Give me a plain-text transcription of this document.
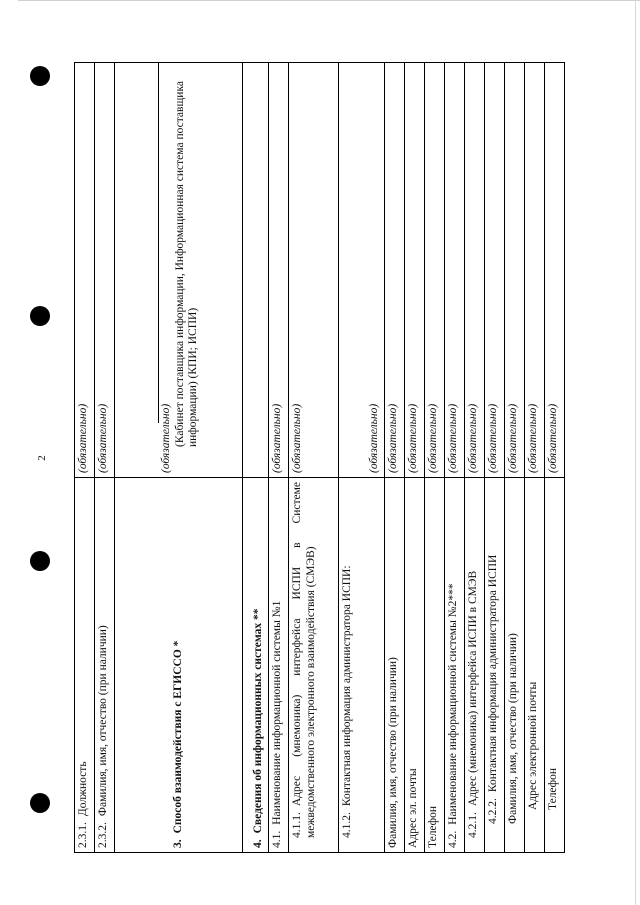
2
2.3.1.Должность	(обязательно)
2.3.2.Фамилия, имя, отчество (при наличии)	(обязательно)
3.Способ взаимодействия с ЕГИССО *	(обязательно) (Кабинет поставщика информации, Информационная система поставщика информации) (КПИ; ИСПИ)

4.Сведения об информационных системах **	
4.1.Наименование информационной системы №1	(обязательно)
4.1.1.Адрес (мнемоника) интерфейса ИСПИ в Системе межведомственного электронного взаимодействия (СМЭВ)	(обязательно)
4.1.2.Контактная информация администратора ИСПИ:	(обязательно)
Фамилия, имя, отчество (при наличии)	(обязательно)
Адрес эл. почты	(обязательно)
Телефон	(обязательно)
4.2.Наименование информационной системы №2***	(обязательно)
4.2.1.Адрес (мнемоника) интерфейса ИСПИ в СМЭВ	(обязательно)
4.2.2.Контактная информация администратора ИСПИ	(обязательно)
Фамилия, имя, отчество (при наличии)	(обязательно)
Адрес электронной почты	(обязательно)
Телефон	(обязательно)
